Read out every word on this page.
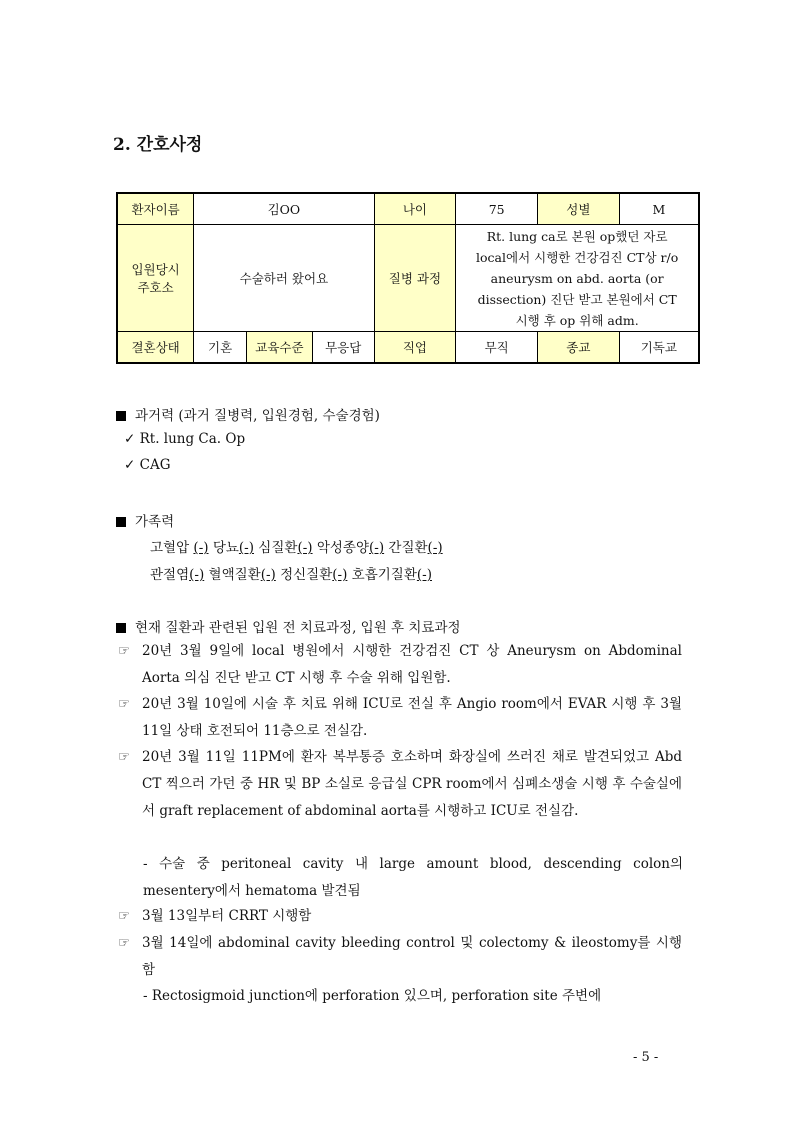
2. 간호사정
환자이름	김OO			나이	75	성별	M
입원당시
주호소	수술하러 왔어요			질병 과정	Rt. lung ca로 본원 op했던 자로
local에서 시행한 건강검진 CT상 r/o
aneurysm on abd. aorta (or
dissection) 진단 받고 본원에서 CT
시행 후 op 위해 adm.		
결혼상태	기혼	교육수준	무응답	직업	무직	종교	기독교
과거력 (과거 질병력, 입원경험, 수술경험)
✓ Rt. lung Ca. Op
✓ CAG
가족력
고혈압 (-) 당뇨(-) 심질환(-) 악성종양(-) 간질환(-)
관절염(-) 혈액질환(-) 정신질환(-) 호흡기질환(-)
현재 질환과 관련된 입원 전 치료과정, 입원 후 치료과정
☞ 20년 3월 9일에 local 병원에서 시행한 건강검진 CT 상 Aneurysm on Abdominal Aorta 의심 진단 받고 CT 시행 후 수술 위해 입원함.
☞ 20년 3월 10일에 시술 후 치료 위해 ICU로 전실 후 Angio room에서 EVAR 시행 후 3월 11일 상태 호전되어 11층으로 전실감.
☞ 20년 3월 11일 11PM에 환자 복부통증 호소하며 화장실에 쓰러진 채로 발견되었고 Abd CT 찍으러 가던 중 HR 및 BP 소실로 응급실 CPR room에서 심폐소생술 시행 후 수술실에서 graft replacement of abdominal aorta를 시행하고 ICU로 전실감.
- 수술 중 peritoneal cavity 내 large amount blood, descending colon의 mesentery에서 hematoma 발견됨
☞ 3월 13일부터 CRRT 시행함
☞ 3월 14일에 abdominal cavity bleeding control 및 colectomy & ileostomy를 시행함
- Rectosigmoid junction에 perforation 있으며, perforation site 주변에
- 5 -
